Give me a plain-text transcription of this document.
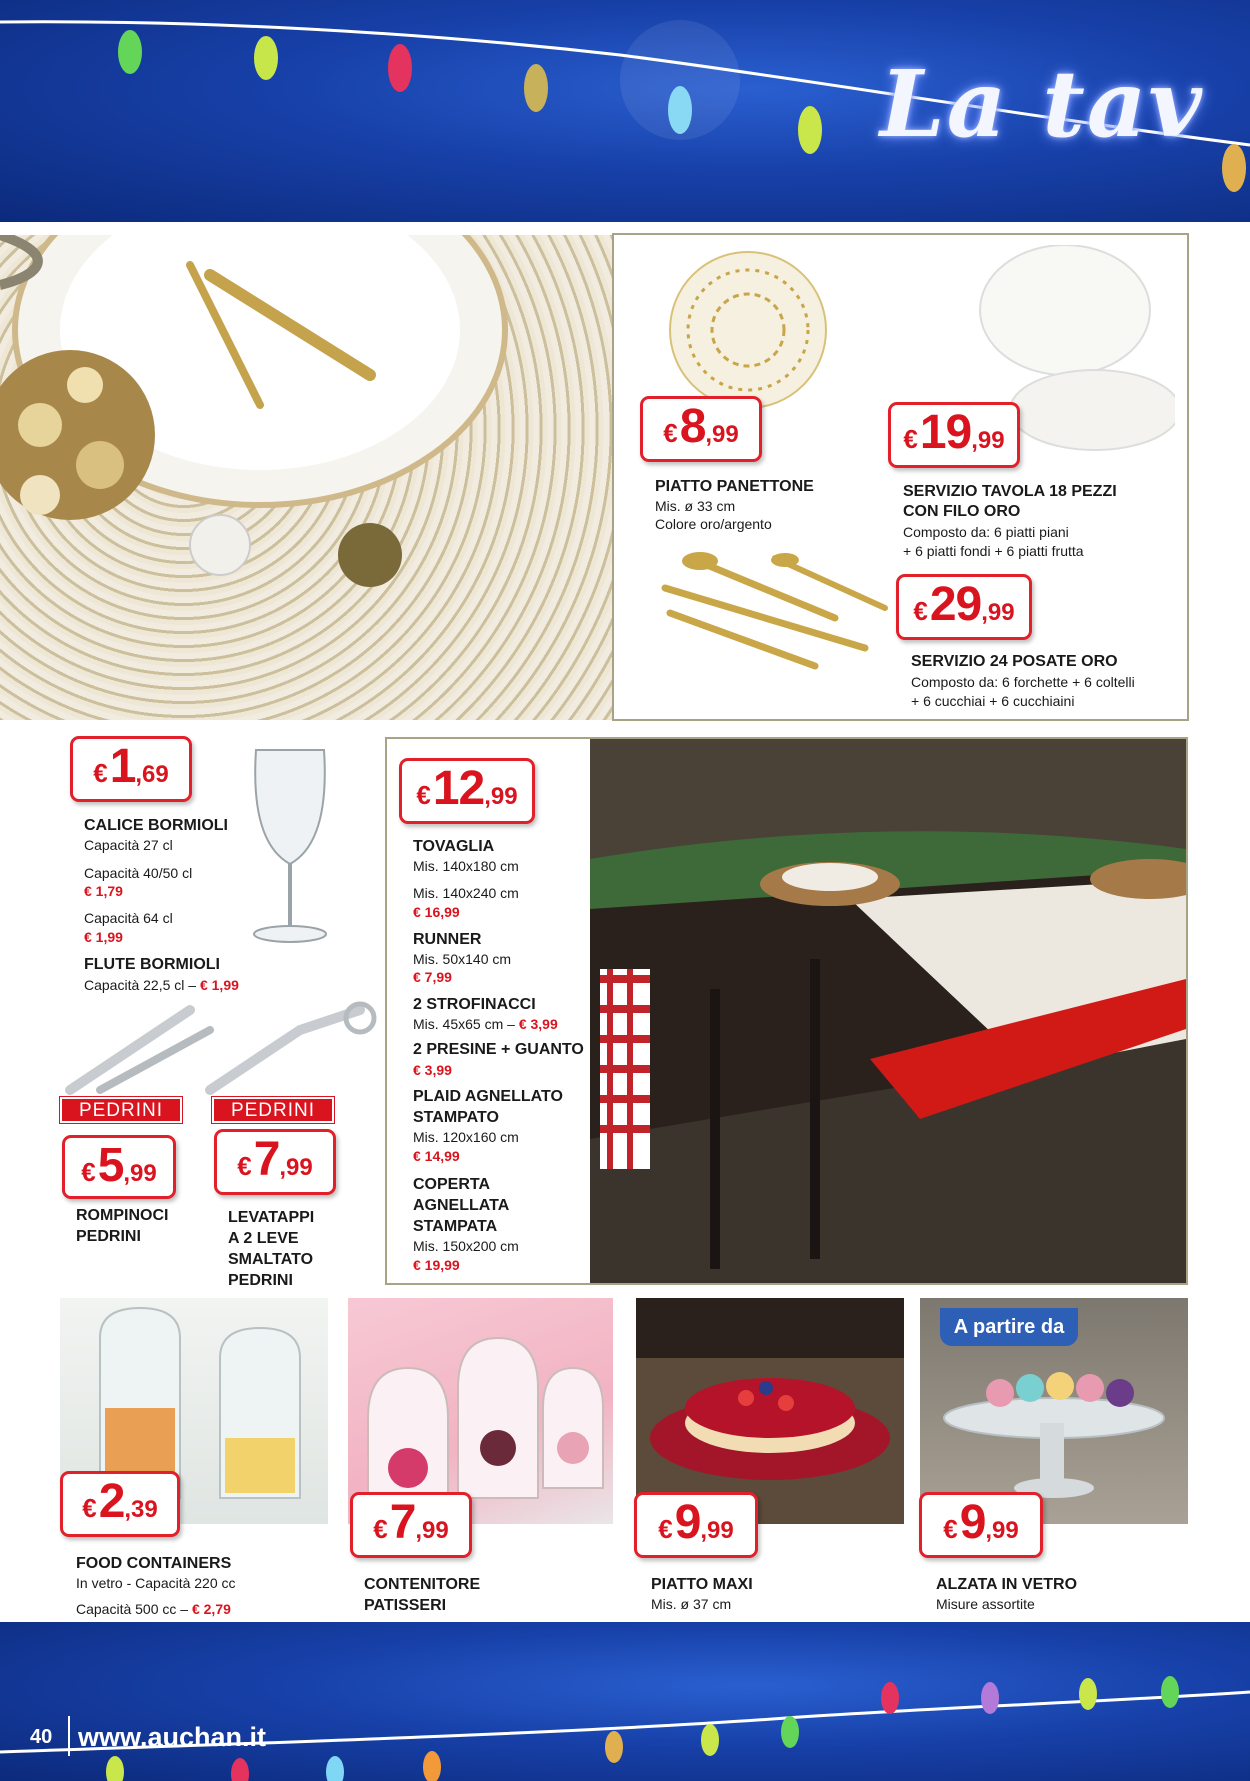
La tav
€ 8 ,99
PIATTO PANETTONE
Mis. ø 33 cm
Colore oro/argento
€ 19 ,99
SERVIZIO TAVOLA 18 PEZZI
CON FILO ORO
Composto da: 6 piatti piani
+ 6 piatti fondi + 6 piatti frutta
€ 29 ,99
SERVIZIO 24 POSATE ORO
Composto da: 6 forchette + 6 coltelli
+ 6 cucchiai + 6 cucchiaini
€ 1 ,69
CALICE BORMIOLI
Capacità 27 cl
Capacità 40/50 cl
€ 1,79
Capacità 64 cl
€ 1,99
FLUTE BORMIOLI
Capacità 22,5 cl – € 1,99
PEDRINI	PEDRINI
€ 5 ,99
ROMPINOCI
PEDRINI
€ 7 ,99
LEVATAPPI
A 2 LEVE
SMALTATO
PEDRINI
€ 12 ,99
TOVAGLIA
Mis. 140x180 cm
Mis. 140x240 cm
€ 16,99
RUNNER
Mis. 50x140 cm
€ 7,99
2 STROFINACCI
Mis. 45x65 cm – € 3,99
2 PRESINE + GUANTO
€ 3,99
PLAID AGNELLATO
STAMPATO
Mis. 120x160 cm
€ 14,99
COPERTA
AGNELLATA
STAMPATA
Mis. 150x200 cm
€ 19,99
€ 2 ,39
FOOD CONTAINERS
In vetro - Capacità 220 cc
Capacità 500 cc – € 2,79
€ 7 ,99
CONTENITORE
PATISSERI
€ 9 ,99
PIATTO MAXI
Mis. ø 37 cm
A partire da
€ 9 ,99
ALZATA IN VETRO
Misure assortite
40 www.auchan.it
